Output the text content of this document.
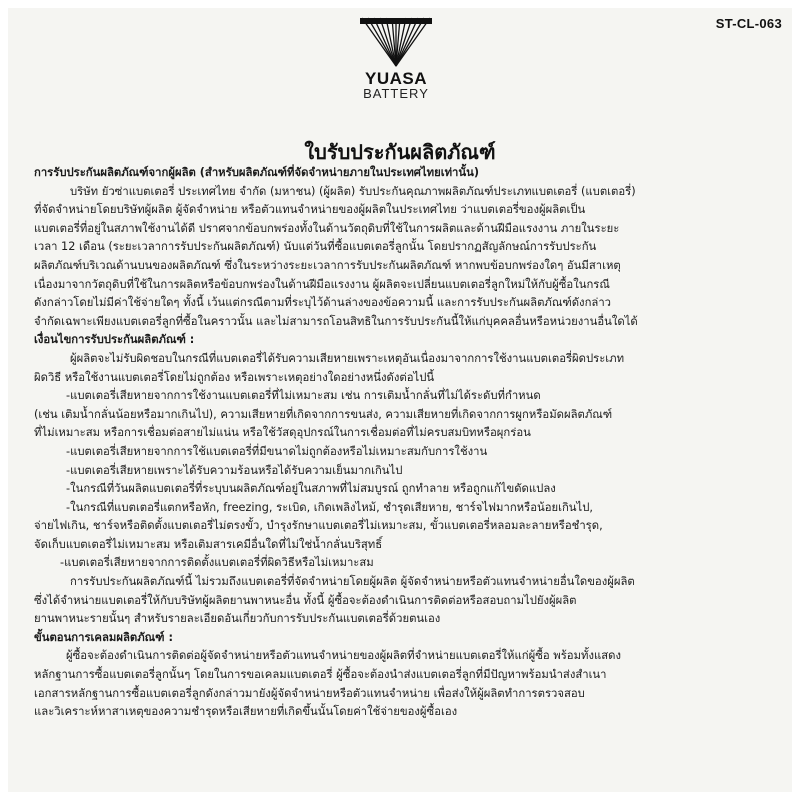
ST-CL-063
YUASA
BATTERY
ใบรับประกันผลิตภัณฑ์

การรับประกันผลิตภัณฑ์จากผู้ผลิต (สำหรับผลิตภัณฑ์ที่จัดจำหน่ายภายในประเทศไทยเท่านั้น)

บริษัท ยัวซ่าแบตเตอรี่ ประเทศไทย จำกัด (มหาชน) (ผู้ผลิต) รับประกันคุณภาพผลิตภัณฑ์ประเภทแบตเตอรี่ (แบตเตอรี่)

ที่จัดจำหน่ายโดยบริษัทผู้ผลิต ผู้จัดจำหน่าย หรือตัวแทนจำหน่ายของผู้ผลิตในประเทศไทย ว่าแบตเตอรี่ของผู้ผลิตเป็น

แบตเตอรี่ที่อยู่ในสภาพใช้งานได้ดี ปราศจากข้อบกพร่องทั้งในด้านวัตถุดิบที่ใช้ในการผลิตและด้านฝีมือแรงงาน ภายในระยะ

เวลา 12 เดือน (ระยะเวลาการรับประกันผลิตภัณฑ์) นับแต่วันที่ซื้อแบตเตอรี่ลูกนั้น โดยปรากฏสัญลักษณ์การรับประกัน

ผลิตภัณฑ์บริเวณด้านบนของผลิตภัณฑ์ ซึ่งในระหว่างระยะเวลาการรับประกันผลิตภัณฑ์ หากพบข้อบกพร่องใดๆ อันมีสาเหตุ

เนื่องมาจากวัตถุดิบที่ใช้ในการผลิตหรือข้อบกพร่องในด้านฝีมือแรงงาน ผู้ผลิตจะเปลี่ยนแบตเตอรี่ลูกใหม่ให้กับผู้ซื้อในกรณี

ดังกล่าวโดยไม่มีค่าใช้จ่ายใดๆ ทั้งนี้ เว้นแต่กรณีตามที่ระบุไว้ด้านล่างของข้อความนี้ และการรับประกันผลิตภัณฑ์ดังกล่าว

จำกัดเฉพาะเพียงแบตเตอรี่ลูกที่ซื้อในคราวนั้น และไม่สามารถโอนสิทธิในการรับประกันนี้ให้แก่บุคคลอื่นหรือหน่วยงานอื่นใดได้

เงื่อนไขการรับประกันผลิตภัณฑ์ :

ผู้ผลิตจะไม่รับผิดชอบในกรณีที่แบตเตอรี่ได้รับความเสียหายเพราะเหตุอันเนื่องมาจากการใช้งานแบตเตอรี่ผิดประเภท

ผิดวิธี หรือใช้งานแบตเตอรี่โดยไม่ถูกต้อง หรือเพราะเหตุอย่างใดอย่างหนึ่งดังต่อไปนี้

-แบตเตอรี่เสียหายจากการใช้งานแบตเตอรี่ที่ไม่เหมาะสม เช่น การเติมน้ำกลั่นที่ไม่ได้ระดับที่กำหนด

(เช่น เติมน้ำกลั่นน้อยหรือมากเกินไป), ความเสียหายที่เกิดจากการขนส่ง, ความเสียหายที่เกิดจากการผูกหรือมัดผลิตภัณฑ์

ที่ไม่เหมาะสม หรือการเชื่อมต่อสายไม่แน่น หรือใช้วัสดุอุปกรณ์ในการเชื่อมต่อที่ไม่ครบสมบิทหรือผุกร่อน

-แบตเตอรี่เสียหายจากการใช้แบตเตอรี่ที่มีขนาดไม่ถูกต้องหรือไม่เหมาะสมกับการใช้งาน

-แบตเตอรี่เสียหายเพราะได้รับความร้อนหรือได้รับความเย็นมากเกินไป

-ในกรณีที่วันผลิตแบตเตอรี่ที่ระบุบนผลิตภัณฑ์อยู่ในสภาพที่ไม่สมบูรณ์ ถูกทำลาย หรือถูกแก้ไขดัดแปลง

-ในกรณีที่แบตเตอรี่แตกหรือหัก, freezing, ระเบิด, เกิดเพลิงไหม้, ชำรุดเสียหาย, ชาร์จไฟมากหรือน้อยเกินไป,

จ่ายไฟเกิน, ชาร์จหรือติดตั้งแบตเตอรี่ไม่ตรงขั้ว, บำรุงรักษาแบตเตอรี่ไม่เหมาะสม, ขั้วแบตเตอรี่หลอมละลายหรือชำรุด,

จัดเก็บแบตเตอรี่ไม่เหมาะสม หรือเติมสารเคมีอื่นใดที่ไม่ใช่น้ำกลั่นบริสุทธิ์

-แบตเตอรี่เสียหายจากการติดตั้งแบตเตอรี่ที่ผิดวิธีหรือไม่เหมาะสม

การรับประกันผลิตภัณฑ์นี้ ไม่รวมถึงแบตเตอรี่ที่จัดจำหน่ายโดยผู้ผลิต ผู้จัดจำหน่ายหรือตัวแทนจำหน่ายอื่นใดของผู้ผลิต

ซึ่งได้จำหน่ายแบตเตอรี่ให้กับบริษัทผู้ผลิตยานพาหนะอื่น ทั้งนี้ ผู้ซื้อจะต้องดำเนินการติดต่อหรือสอบถามไปยังผู้ผลิต

ยานพาหนะรายนั้นๆ สำหรับรายละเอียดอันเกี่ยวกับการรับประกันแบตเตอรี่ด้วยตนเอง

ขั้นตอนการเคลมผลิตภัณฑ์ :

ผู้ซื้อจะต้องดำเนินการติดต่อผู้จัดจำหน่ายหรือตัวแทนจำหน่ายของผู้ผลิตที่จำหน่ายแบตเตอรี่ให้แก่ผู้ซื้อ พร้อมทั้งแสดง

หลักฐานการซื้อแบตเตอรี่ลูกนั้นๆ โดยในการขอเคลมแบตเตอรี่ ผู้ซื้อจะต้องนำส่งแบตเตอรี่ลูกที่มีปัญหาพร้อมนำส่งสำเนา

เอกสารหลักฐานการซื้อแบตเตอรี่ลูกดังกล่าวมายังผู้จัดจำหน่ายหรือตัวแทนจำหน่าย เพื่อส่งให้ผู้ผลิตทำการตรวจสอบ

และวิเคราะห์หาสาเหตุของความชำรุดหรือเสียหายที่เกิดขึ้นนั้นโดยค่าใช้จ่ายของผู้ซื้อเอง
